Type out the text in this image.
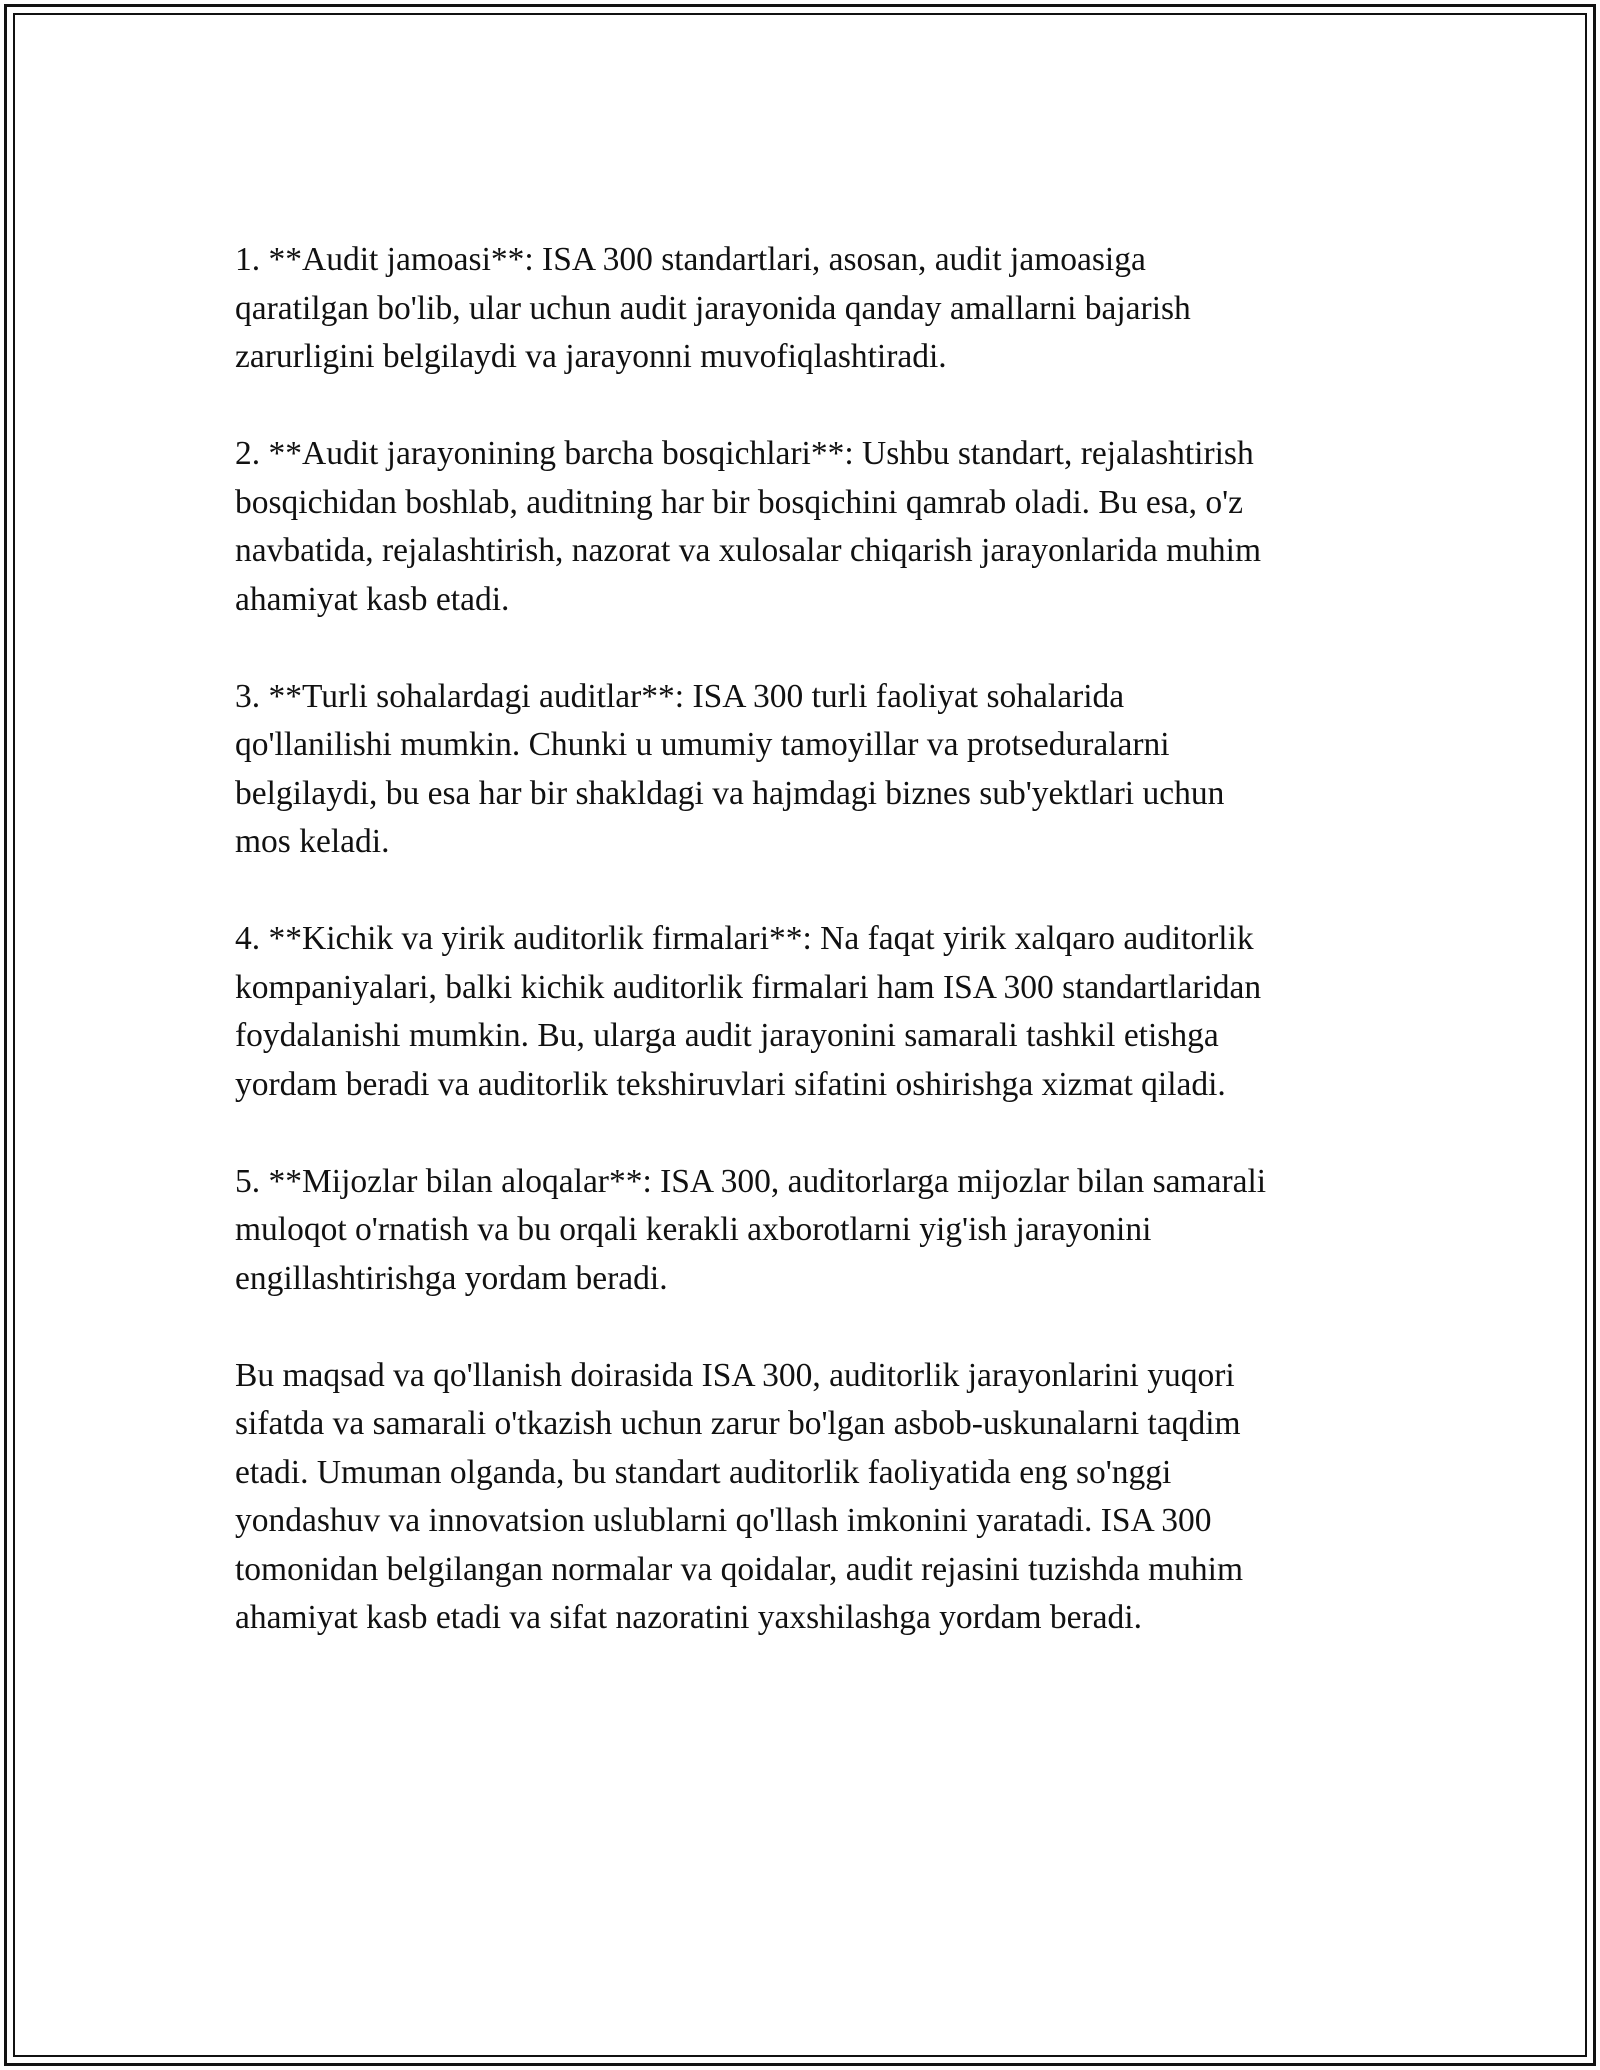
1. **Audit jamoasi**: ISA 300 standartlari, asosan, audit jamoasiga
qaratilgan bo'lib, ular uchun audit jarayonida qanday amallarni bajarish
zarurligini belgilaydi va jarayonni muvofiqlashtiradi.

2. **Audit jarayonining barcha bosqichlari**: Ushbu standart, rejalashtirish
bosqichidan boshlab, auditning har bir bosqichini qamrab oladi. Bu esa, o'z
navbatida, rejalashtirish, nazorat va xulosalar chiqarish jarayonlarida muhim
ahamiyat kasb etadi.

3. **Turli sohalardagi auditlar**: ISA 300 turli faoliyat sohalarida
qo'llanilishi mumkin. Chunki u umumiy tamoyillar va protseduralarni
belgilaydi, bu esa har bir shakldagi va hajmdagi biznes sub'yektlari uchun
mos keladi.

4. **Kichik va yirik auditorlik firmalari**: Na faqat yirik xalqaro auditorlik
kompaniyalari, balki kichik auditorlik firmalari ham ISA 300 standartlaridan
foydalanishi mumkin. Bu, ularga audit jarayonini samarali tashkil etishga
yordam beradi va auditorlik tekshiruvlari sifatini oshirishga xizmat qiladi.

5. **Mijozlar bilan aloqalar**: ISA 300, auditorlarga mijozlar bilan samarali
muloqot o'rnatish va bu orqali kerakli axborotlarni yig'ish jarayonini
engillashtirishga yordam beradi.

Bu maqsad va qo'llanish doirasida ISA 300, auditorlik jarayonlarini yuqori
sifatda va samarali o'tkazish uchun zarur bo'lgan asbob-uskunalarni taqdim
etadi. Umuman olganda, bu standart auditorlik faoliyatida eng so'nggi
yondashuv va innovatsion uslublarni qo'llash imkonini yaratadi. ISA 300
tomonidan belgilangan normalar va qoidalar, audit rejasini tuzishda muhim
ahamiyat kasb etadi va sifat nazoratini yaxshilashga yordam beradi.
